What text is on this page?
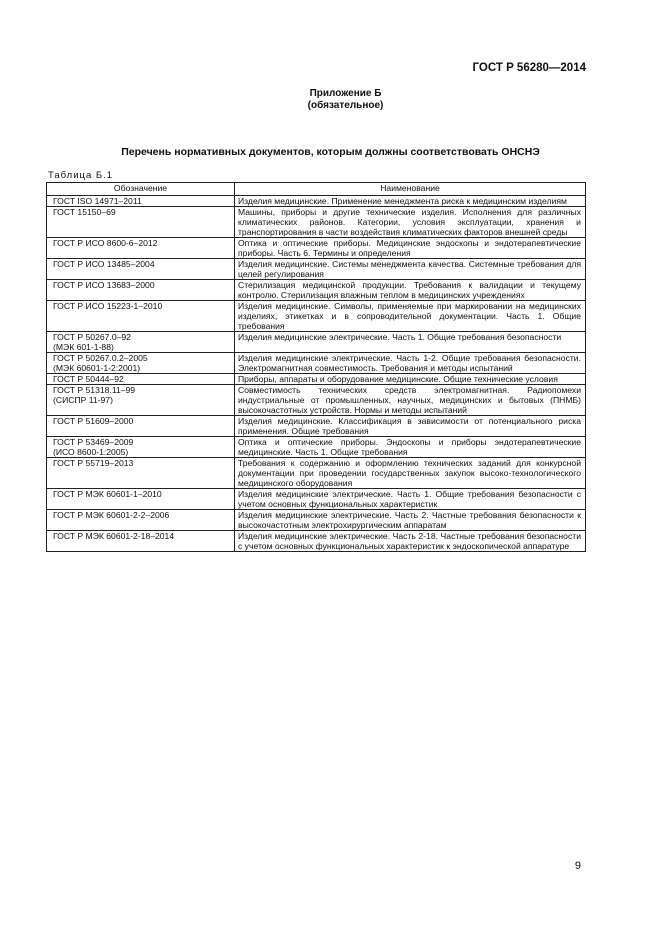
ГОСТ Р 56280—2014
Приложение Б
(обязательное)
Перечень нормативных документов, которым должны соответствовать ОНСНЭ
Таблица Б.1
Обозначение	Наименование

ГОСТ ISO 14971–2011	Изделия медицинские. Применение менеджмента риска к медицинским изделиям

ГОСТ 15150–69	Машины, приборы и другие технические изделия. Исполнения для различных климатических районов. Категории, условия эксплуатации, хранения и транспортирования в части воздействия климатических факторов внешней среды

ГОСТ Р ИСО 8600-6–2012	Оптика и оптические приборы. Медицинские эндоскопы и эндотерапевтические приборы. Часть 6. Термины и определения

ГОСТ Р ИСО 13485–2004	Изделия медицинские. Системы менеджмента качества. Системные требования для целей регулирования

ГОСТ Р ИСО 13683–2000	Стерилизация медицинской продукции. Требования к валидации и текущему контролю. Стерилизация влажным теплом в медицинских учреждениях

ГОСТ Р ИСО 15223-1–2010	Изделия медицинские. Символы, применяемые при маркировании на медицинских изделиях, этикетках и в сопроводительной документации. Часть 1. Общие требования

ГОСТ Р 50267.0–92
(МЭК 601-1-88)	Изделия медицинские электрические. Часть 1. Общие требования безопасности

ГОСТ Р 50267.0.2–2005
(МЭК 60601-1-2:2001)	Изделия медицинские электрические. Часть 1-2. Общие требования безопасности. Электромагнитная совместимость. Требования и методы испытаний

ГОСТ Р 50444–92	Приборы, аппараты и оборудование медицинские. Общие технические условия

ГОСТ Р 51318.11–99
(СИСПР 11-97)	Совместимость технических средств электромагнитная. Радиопомехи индустриальные от промышленных, научных, медицинских и бытовых (ПНМБ) высокочастотных устройств. Нормы и методы испытаний

ГОСТ Р 51609–2000	Изделия медицинские. Классификация в зависимости от потенциального риска применения. Общие требования

ГОСТ Р 53469–2009
(ИСО 8600-1:2005)	Оптика и оптические приборы. Эндоскопы и приборы эндотерапевтические медицинские. Часть 1. Общие требования

ГОСТ Р 55719–2013	Требования к содержанию и оформлению технических заданий для конкурсной документации при проведении государственных закупок высоко-технологического медицинского оборудования

ГОСТ Р МЭК 60601-1–2010	Изделия медицинские электрические. Часть 1. Общие требования безопасности с учетом основных функциональных характеристик

ГОСТ Р МЭК 60601-2-2–2006	Изделия медицинские электрические. Часть 2. Частные требования безопасности к высокочастотным электрохирургическим аппаратам

ГОСТ Р МЭК 60601-2-18–2014	Изделия медицинские электрические. Часть 2-18. Частные требования безопасности с учетом основных функциональных характеристик к эндоскопической аппаратуре
9
